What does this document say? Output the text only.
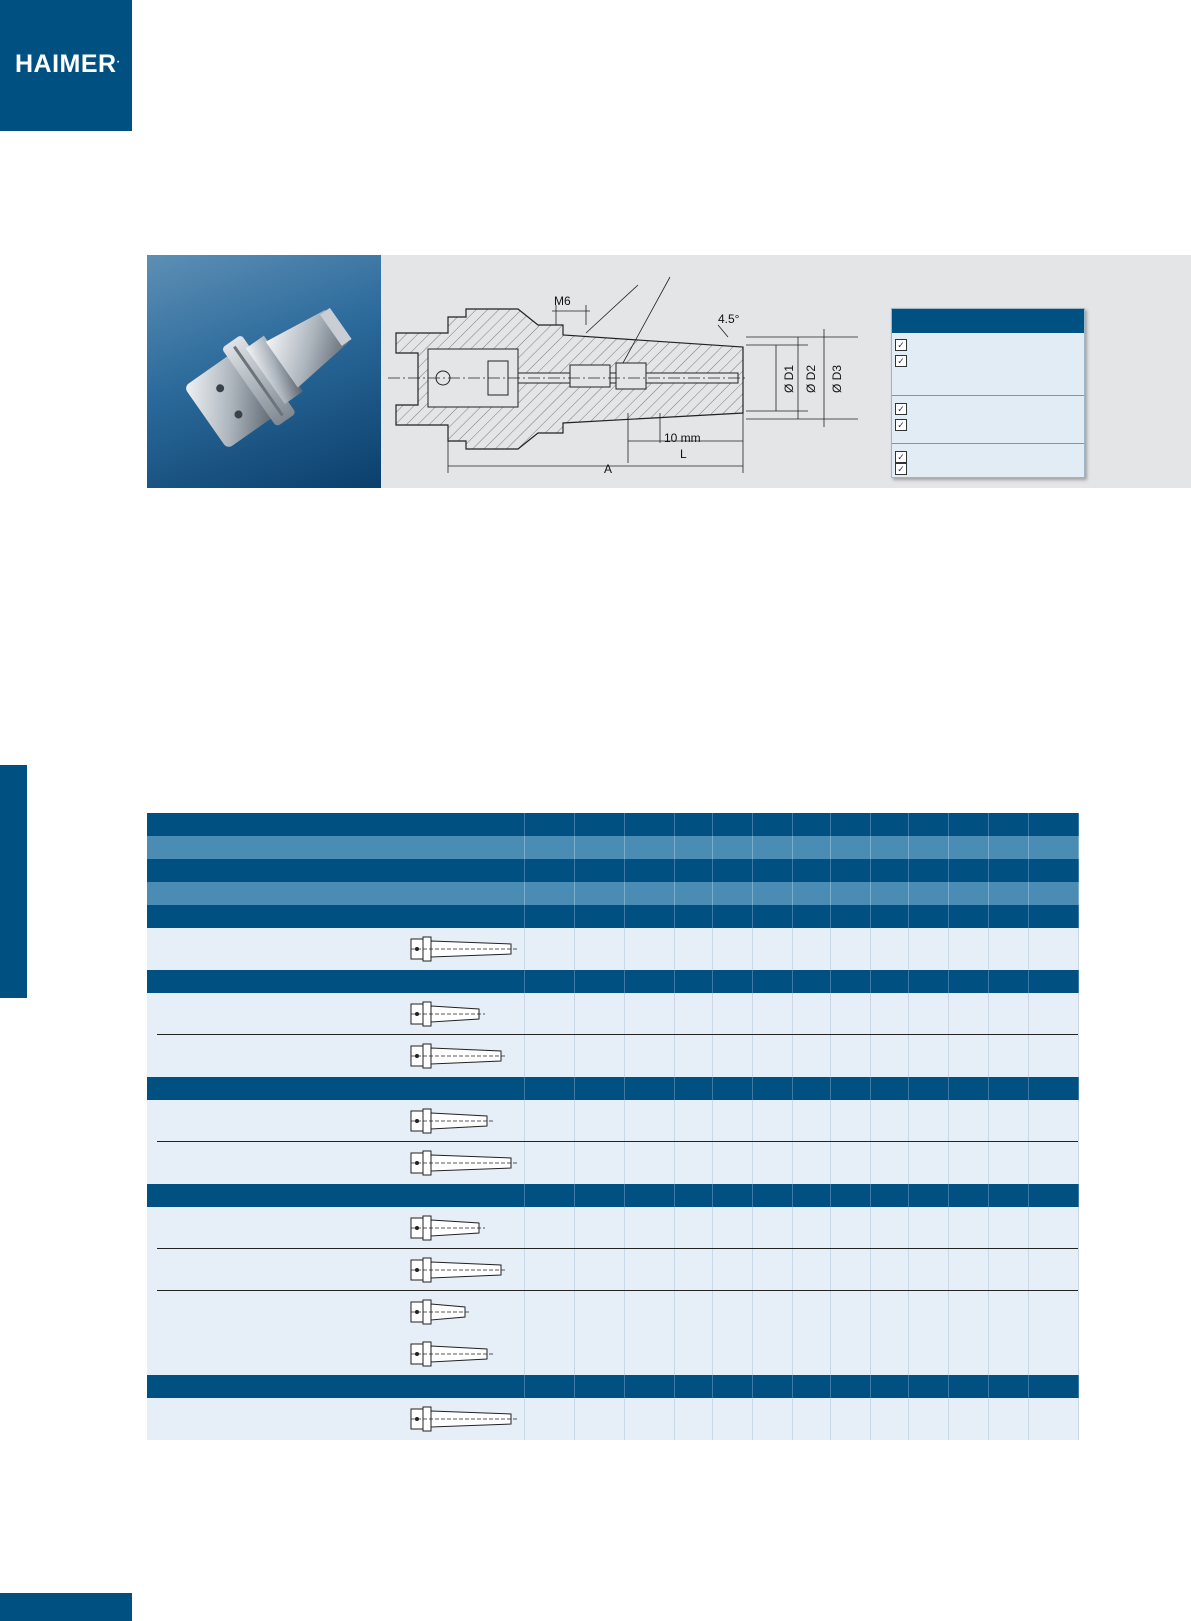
HAIMER.
M6
4.5°
Ø D1 Ø D2 Ø D3
10 mm
L
A
✓
✓
✓
✓
✓
✓
